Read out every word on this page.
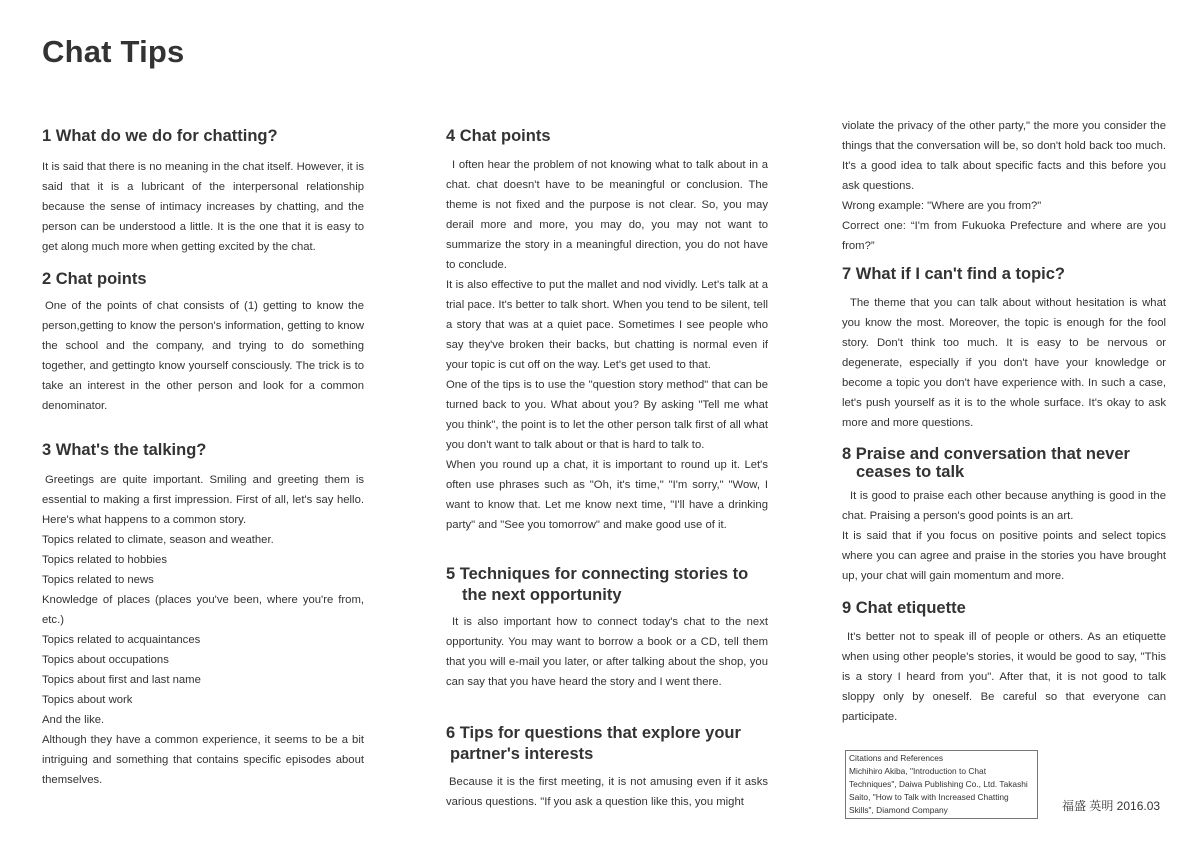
Chat Tips
1 What do we do for chatting?

It is said that there is no meaning in the chat itself. However, it is said that it is a lubricant of the interpersonal relationship because the sense of intimacy increases by chatting, and the person can be understood a little. It is the one that it is easy to get along much more when getting excited by the chat.

2 Chat points

One of the points of chat consists of (1) getting to know the person,getting to know the person's information, getting to know the school and the company, and trying to do something together, and gettingto know yourself consciously. The trick is to take an interest in the other person and look for a common denominator.

3 What's the talking?

Greetings are quite important. Smiling and greeting them is essential to making a first impression. First of all, let's say hello. Here's what happens to a common story.

Topics related to climate, season and weather.

Topics related to hobbies

Topics related to news

Knowledge of places (places you've been, where you're from, etc.)

Topics related to acquaintances

Topics about occupations

Topics about first and last name

Topics about work

And the like.

Although they have a common experience, it seems to be a bit intriguing and something that contains specific episodes about themselves.

4 Chat points

I often hear the problem of not knowing what to talk about in a chat. chat doesn't have to be meaningful or conclusion. The theme is not fixed and the purpose is not clear. So, you may derail more and more, you may do, you may not want to summarize the story in a meaningful direction, you do not have to conclude.

It is also effective to put the mallet and nod vividly. Let's talk at a trial pace. It's better to talk short. When you tend to be silent, tell a story that was at a quiet pace. Sometimes I see people who say they've broken their backs, but chatting is normal even if your topic is cut off on the way. Let's get used to that.

One of the tips is to use the "question story method" that can be turned back to you. What about you? By asking "Tell me what you think", the point is to let the other person talk first of all what you don't want to talk about or that is hard to talk to.

When you round up a chat, it is important to round up it. Let's often use phrases such as "Oh, it's time," "I'm sorry," "Wow, I want to know that. Let me know next time, "I'll have a drinking party" and "See you tomorrow" and make good use of it.

5 Techniques for connecting stories to the next opportunity

It is also important how to connect today's chat to the next opportunity. You may want to borrow a book or a CD, tell them that you will e-mail you later, or after talking about the shop, you can say that you have heard the story and I went there.

6 Tips for questions that explore your partner's interests

Because it is the first meeting, it is not amusing even if it asks various questions. "If you ask a question like this, you might

violate the privacy of the other party," the more you consider the things that the conversation will be, so don't hold back too much. It's a good idea to talk about specific facts and this before you ask questions.

Wrong example: "Where are you from?"

Correct one: “I'm from Fukuoka Prefecture and where are you from?”

7 What if I can't find a topic?

The theme that you can talk about without hesitation is what you know the most. Moreover, the topic is enough for the fool story. Don't think too much. It is easy to be nervous or degenerate, especially if you don't have your knowledge or become a topic you don't have experience with. In such a case, let's push yourself as it is to the whole surface. It's okay to ask more and more questions.

8 Praise and conversation that never ceases to talk

It is good to praise each other because anything is good in the chat. Praising a person's good points is an art.

It is said that if you focus on positive points and select topics where you can agree and praise in the stories you have brought up, your chat will gain momentum and more.

9 Chat etiquette

It's better not to speak ill of people or others. As an etiquette when using other people's stories, it would be good to say, "This is a story I heard from you". After that, it is not good to talk sloppy only by oneself. Be careful so that everyone can participate.

Citations and References
Michihiro Akiba, "Introduction to Chat Techniques", Daiwa Publishing Co., Ltd. Takashi Saito, "How to Talk with Increased Chatting Skills", Diamond Company	福盛 英明 2016.03
